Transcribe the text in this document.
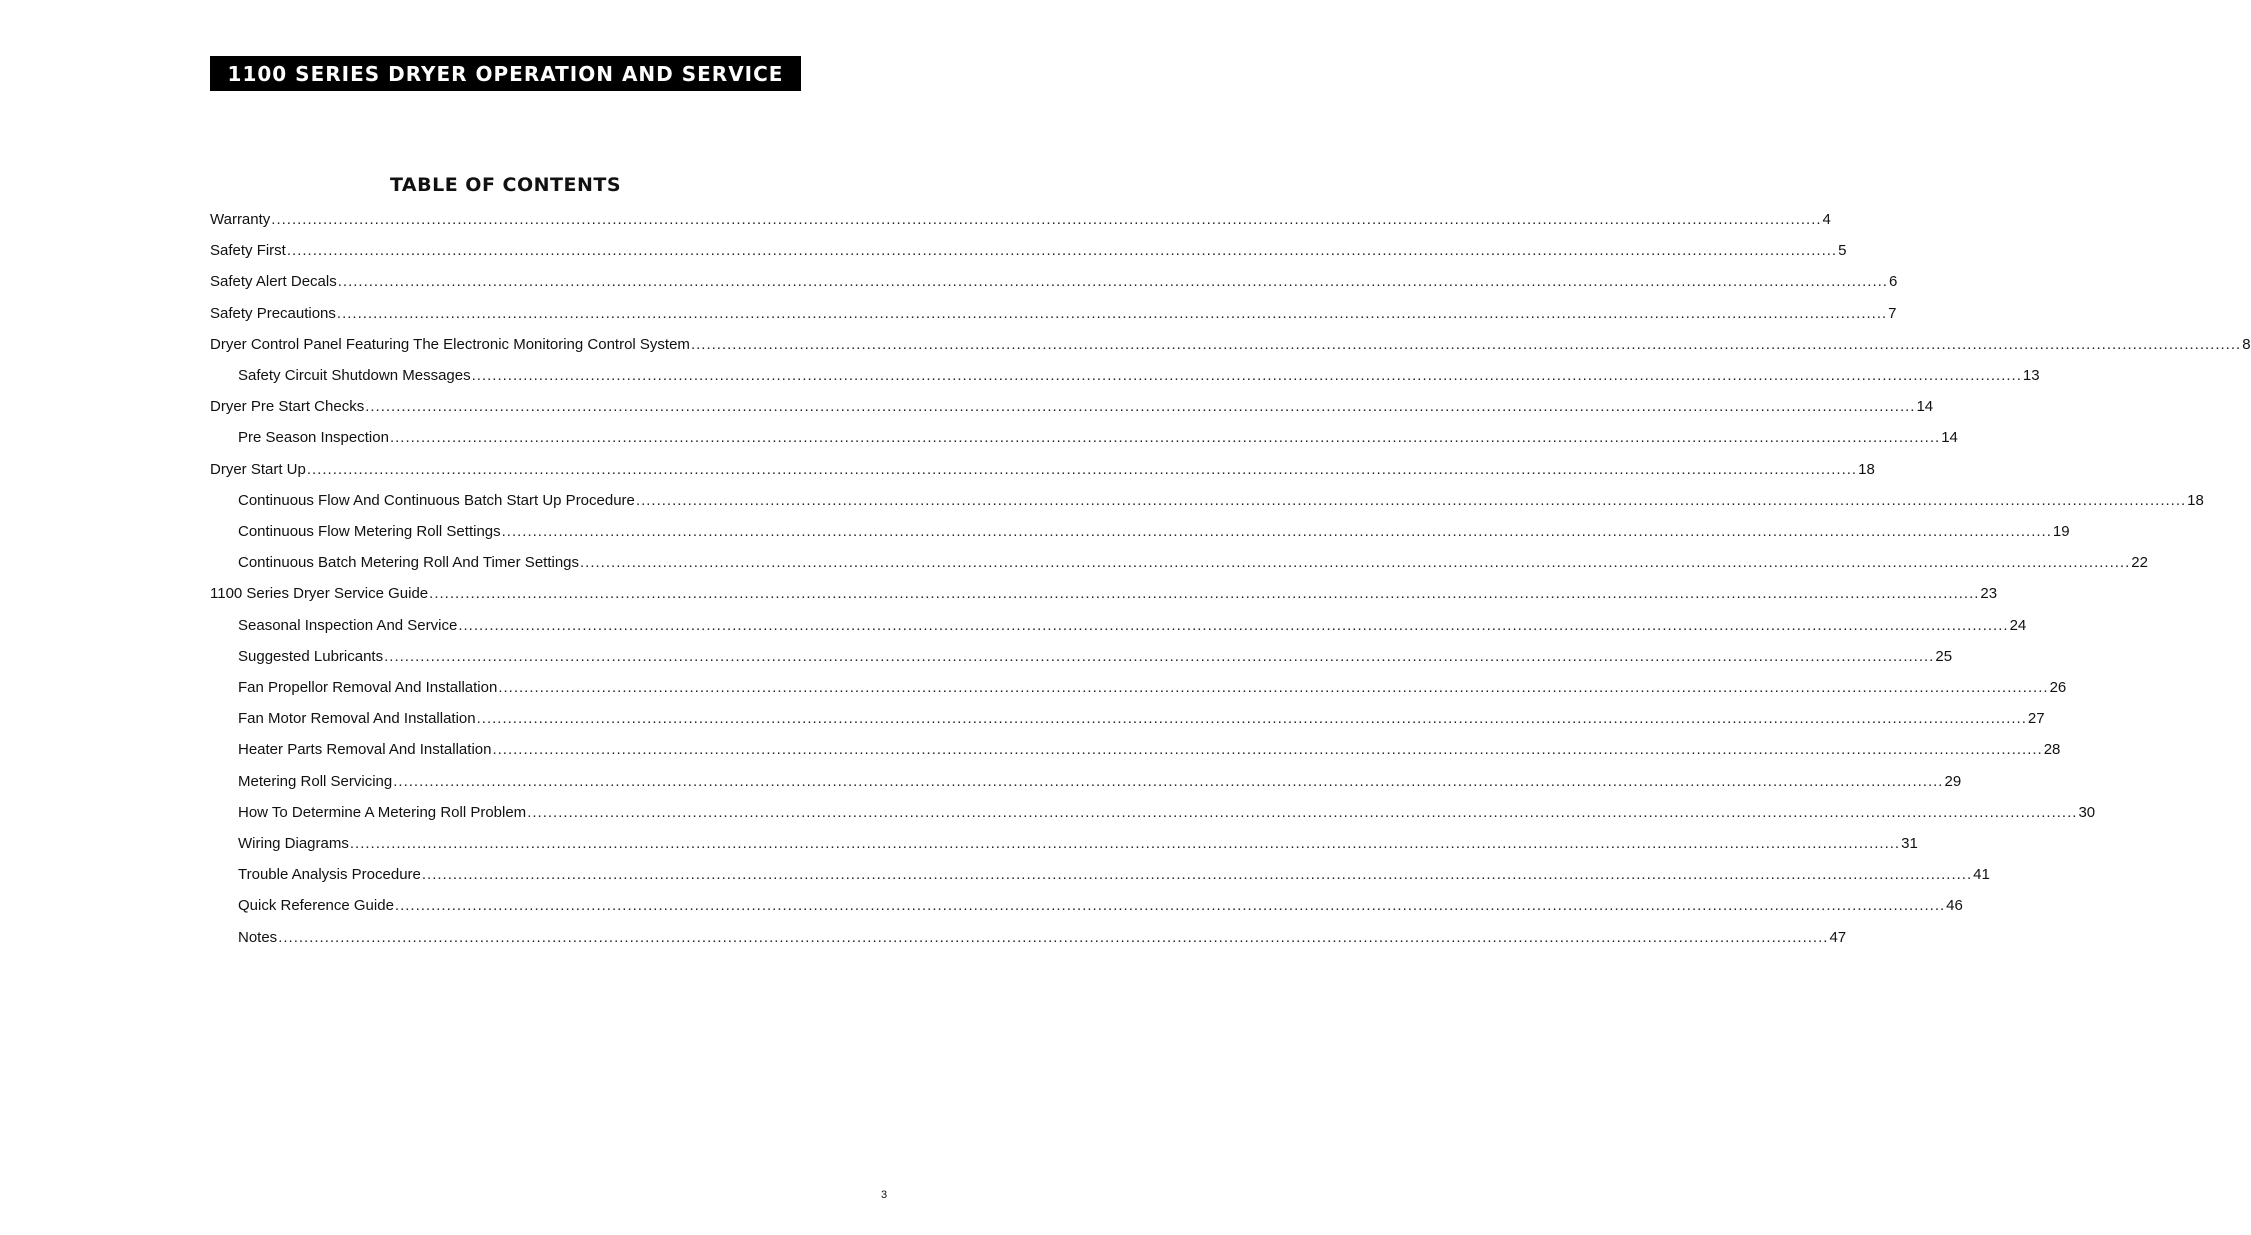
1100 SERIES DRYER OPERATION AND SERVICE
TABLE OF CONTENTS
Warranty ............................................................................................................................................................................................................................................................................................................ 4
Safety First ............................................................................................................................................................................................................................................................................................................ 5
Safety Alert Decals ............................................................................................................................................................................................................................................................................................................ 6
Safety Precautions ............................................................................................................................................................................................................................................................................................................ 7
Dryer Control Panel Featuring The Electronic Monitoring Control System ............................................................................................................................................................................................................................................................................................................ 8
Safety Circuit Shutdown Messages ............................................................................................................................................................................................................................................................................................................ 13
Dryer Pre Start Checks ............................................................................................................................................................................................................................................................................................................ 14
Pre Season Inspection ............................................................................................................................................................................................................................................................................................................ 14
Dryer Start Up ............................................................................................................................................................................................................................................................................................................ 18
Continuous Flow And Continuous Batch Start Up Procedure ............................................................................................................................................................................................................................................................................................................ 18
Continuous Flow Metering Roll Settings ............................................................................................................................................................................................................................................................................................................ 19
Continuous Batch Metering Roll And Timer Settings ............................................................................................................................................................................................................................................................................................................ 22
1100 Series Dryer Service Guide ............................................................................................................................................................................................................................................................................................................ 23
Seasonal Inspection And Service ............................................................................................................................................................................................................................................................................................................ 24
Suggested Lubricants ............................................................................................................................................................................................................................................................................................................ 25
Fan Propellor Removal And Installation ............................................................................................................................................................................................................................................................................................................ 26
Fan Motor Removal And Installation ............................................................................................................................................................................................................................................................................................................ 27
Heater Parts Removal And Installation ............................................................................................................................................................................................................................................................................................................ 28
Metering Roll Servicing ............................................................................................................................................................................................................................................................................................................ 29
How To Determine A Metering Roll Problem ............................................................................................................................................................................................................................................................................................................ 30
Wiring Diagrams ............................................................................................................................................................................................................................................................................................................ 31
Trouble Analysis Procedure ............................................................................................................................................................................................................................................................................................................ 41
Quick Reference Guide ............................................................................................................................................................................................................................................................................................................ 46
Notes ............................................................................................................................................................................................................................................................................................................ 47
3
